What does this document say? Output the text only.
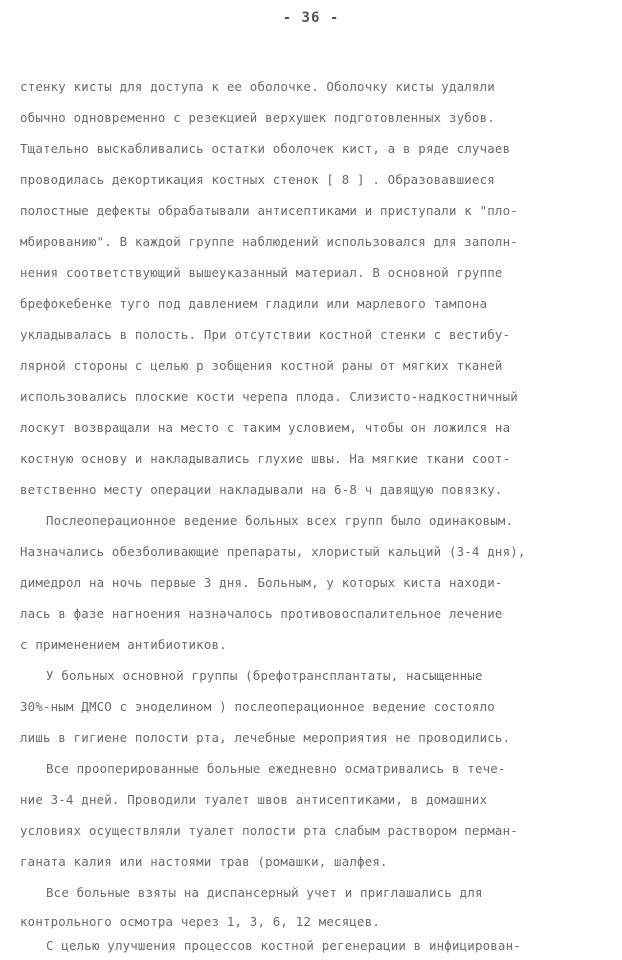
- 36 -
стенку кисты для доступа к ее оболочке. Оболочку кисты удаляли
обычно одновременно с резекцией верхушек подготовленных зубов.
Тщательно выскабливались остатки оболочек кист, а в ряде случаев
проводилась декортикация костных стенок [ 8 ] . Образовавшиеся
полостные дефекты обрабатывали антисептиками и приступали к "пло-
мбированию". В каждой группе наблюдений использовался для заполн-
нения соответствующий вышеуказанный материал. В основной группе
брефокебенке туго под давлением гладили или марлевого тампона
укладывалась в полость. При отсутствии костной стенки с вестибу-
лярной стороны с целью р зобщения костной раны от мягких тканей
использовались плоские кости черепа плода. Слизисто-надкостничный
лоскут возвращали на место с таким условием, чтобы он ложился на
костную основу и накладывались глухие швы. На мягкие ткани соот-
ветственно месту операции накладывали на 6-8 ч давящую повязку.
Послеоперационное ведение больных всех групп было одинаковым.
Назначались обезболивающие препараты, хлористый кальций (3-4 дня),
димедрол на ночь первые 3 дня. Больным, у которых киста находи-
лась в фазе нагноения назначалось противовоспалительное лечение
с применением антибиотиков.
У больных основной группы (брефотрансплантаты, насыщенные
30%-ным ДМСО с эноделином ) послеоперационное ведение состояло
лишь в гигиене полости рта, лечебные мероприятия не проводились.
Все прооперированные больные ежедневно осматривались в тече-
ние 3-4 дней. Проводили туалет швов антисептиками, в домашних
условиях осуществляли туалет полости рта слабым раствором перман-
ганата калия или настоями трав (ромашки, шалфея.
Все больные взяты на диспансерный учет и приглашались для
контрольного осмотра через 1, 3, 6, 12 месяцев.
С целью улучшения процессов костной регенерации в инфицирован-
